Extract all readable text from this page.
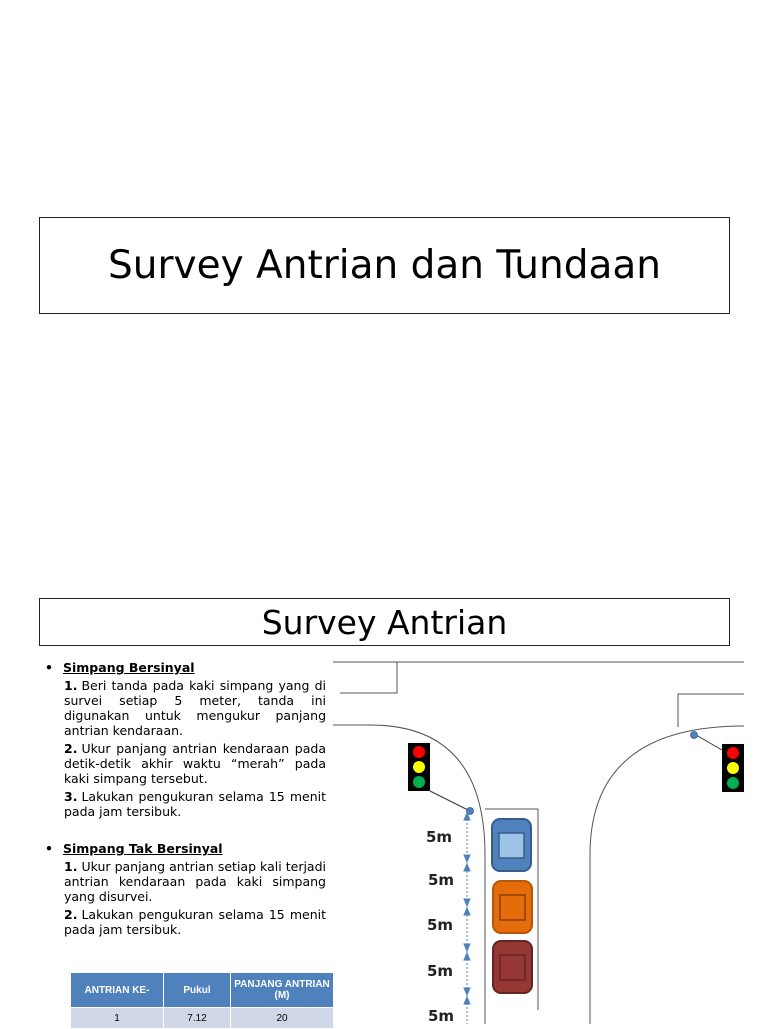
Survey Antrian dan Tundaan
Survey Antrian
• Simpang Bersinyal
1. Beri tanda pada kaki simpang yang di survei setiap 5 meter, tanda ini digunakan untuk mengukur panjang antrian kendaraan.
2. Ukur panjang antrian kendaraan pada detik-detik akhir waktu “merah” pada kaki simpang tersebut.
3. Lakukan pengukuran selama 15 menit pada jam tersibuk.
• Simpang Tak Bersinyal
1. Ukur panjang antrian setiap kali terjadi antrian kendaraan pada kaki simpang yang disurvei.
2. Lakukan pengukuran selama 15 menit pada jam tersibuk.
ANTRIAN KE-	Pukul	PANJANG ANTRIAN (M)
1	7.12	20
5m
5m
5m
5m
5m
